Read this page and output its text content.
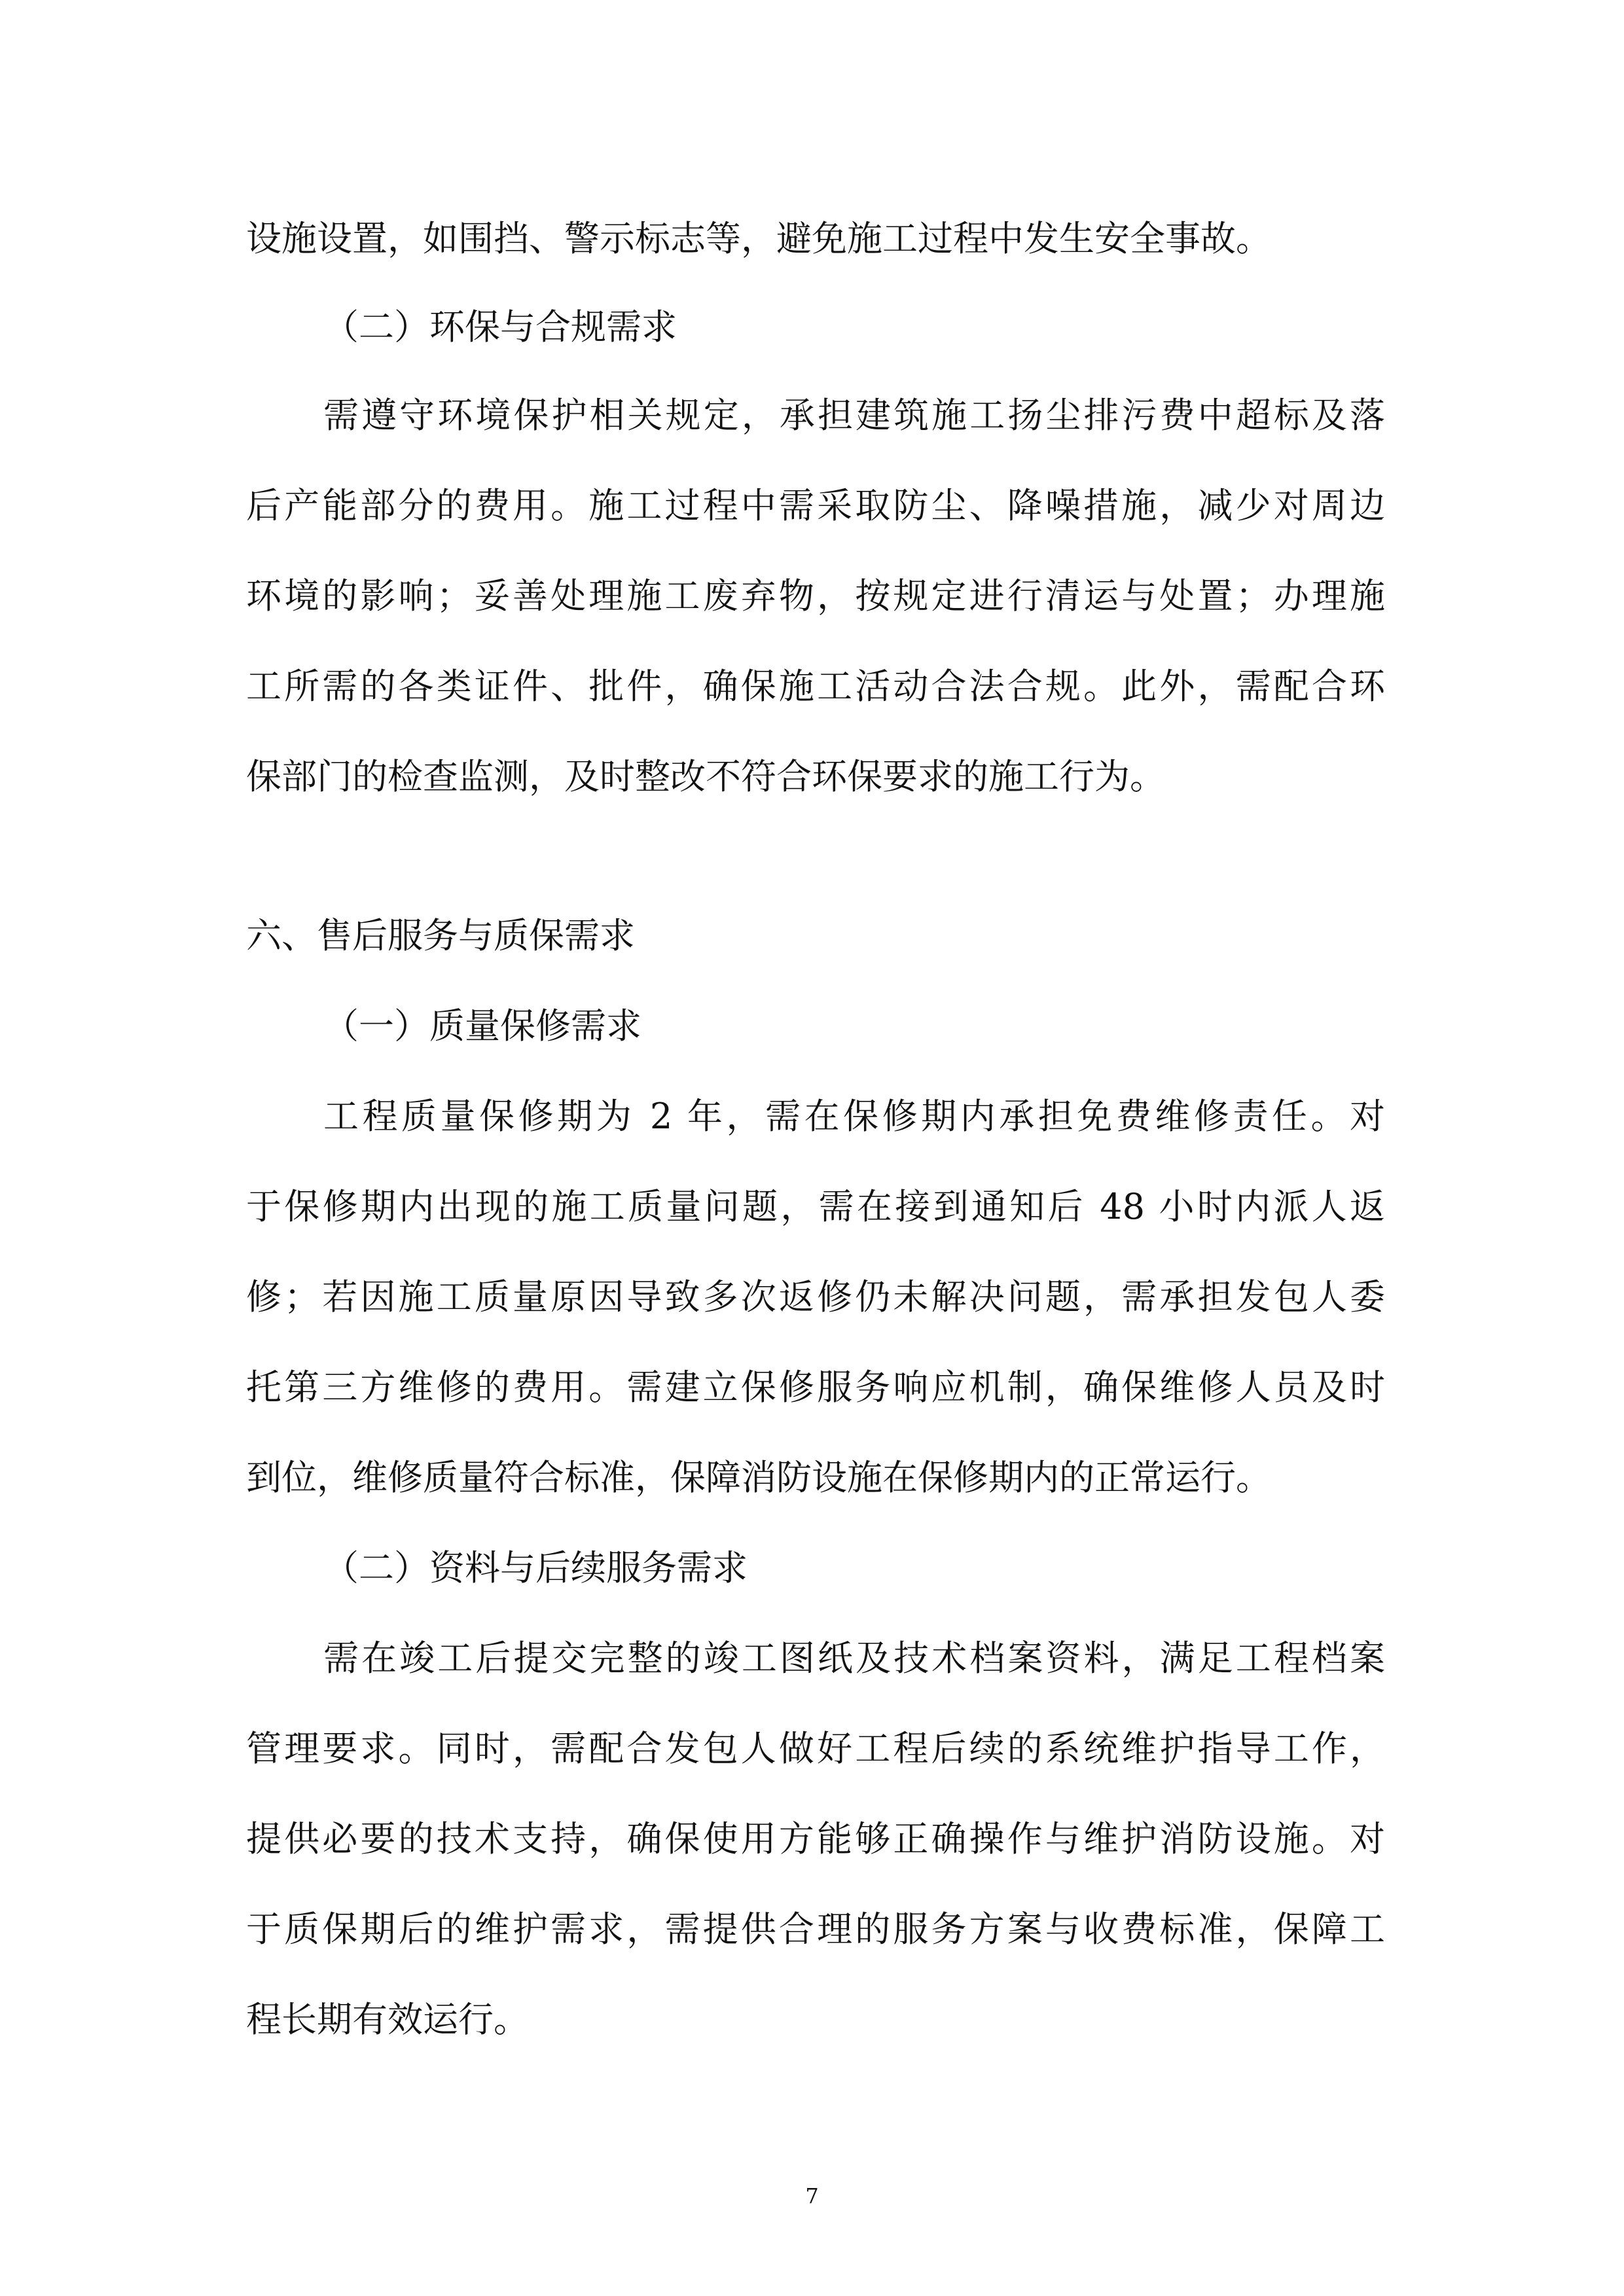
设施设置，如围挡、警示标志等，避免施工过程中发生安全事故。
（二）环保与合规需求
需遵守环境保护相关规定，承担建筑施工扬尘排污费中超标及落
后产能部分的费用。施工过程中需采取防尘、降噪措施，减少对周边
环境的影响；妥善处理施工废弃物，按规定进行清运与处置；办理施
工所需的各类证件、批件，确保施工活动合法合规。此外，需配合环
保部门的检查监测，及时整改不符合环保要求的施工行为。
六、售后服务与质保需求
（一）质量保修需求
工程质量保修期为 2 年，需在保修期内承担免费维修责任。对
于保修期内出现的施工质量问题，需在接到通知后 48 小时内派人返
修；若因施工质量原因导致多次返修仍未解决问题，需承担发包人委
托第三方维修的费用。需建立保修服务响应机制，确保维修人员及时
到位，维修质量符合标准，保障消防设施在保修期内的正常运行。
（二）资料与后续服务需求
需在竣工后提交完整的竣工图纸及技术档案资料，满足工程档案
管理要求。同时，需配合发包人做好工程后续的系统维护指导工作，
提供必要的技术支持，确保使用方能够正确操作与维护消防设施。对
于质保期后的维护需求，需提供合理的服务方案与收费标准，保障工
程长期有效运行。
7
